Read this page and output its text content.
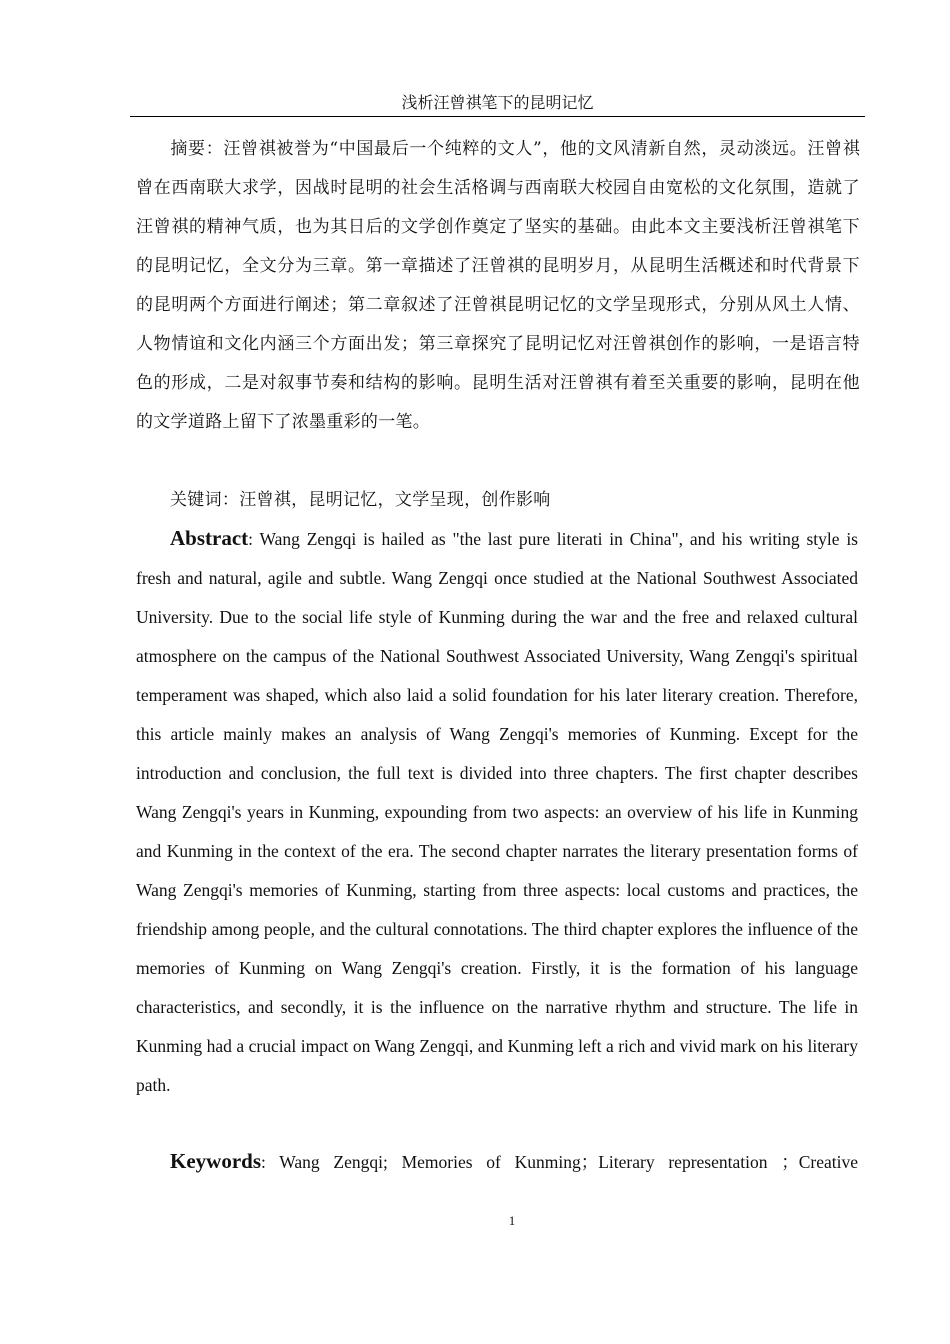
浅析汪曾祺笔下的昆明记忆
摘要：汪曾祺被誉为“中国最后一个纯粹的文人”，他的文风清新自然，灵动淡远。汪曾祺曾在西南联大求学，因战时昆明的社会生活格调与西南联大校园自由宽松的文化氛围，造就了汪曾祺的精神气质，也为其日后的文学创作奠定了坚实的基础。由此本文主要浅析汪曾祺笔下的昆明记忆，全文分为三章。第一章描述了汪曾祺的昆明岁月，从昆明生活概述和时代背景下的昆明两个方面进行阐述；第二章叙述了汪曾祺昆明记忆的文学呈现形式，分别从风土人情、人物情谊和文化内涵三个方面出发；第三章探究了昆明记忆对汪曾祺创作的影响，一是语言特色的形成，二是对叙事节奏和结构的影响。昆明生活对汪曾祺有着至关重要的影响，昆明在他的文学道路上留下了浓墨重彩的一笔。
关键词：汪曾祺，昆明记忆，文学呈现，创作影响
Abstract: Wang Zengqi is hailed as "the last pure literati in China", and his writing style is fresh and natural, agile and subtle. Wang Zengqi once studied at the National Southwest Associated University. Due to the social life style of Kunming during the war and the free and relaxed cultural atmosphere on the campus of the National Southwest Associated University, Wang Zengqi's spiritual temperament was shaped, which also laid a solid foundation for his later literary creation. Therefore, this article mainly makes an analysis of Wang Zengqi's memories of Kunming. Except for the introduction and conclusion, the full text is divided into three chapters. The first chapter describes Wang Zengqi's years in Kunming, expounding from two aspects: an overview of his life in Kunming and Kunming in the context of the era. The second chapter narrates the literary presentation forms of Wang Zengqi's memories of Kunming, starting from three aspects: local customs and practices, the friendship among people, and the cultural connotations. The third chapter explores the influence of the memories of Kunming on Wang Zengqi's creation. Firstly, it is the formation of his language characteristics, and secondly, it is the influence on the narrative rhythm and structure. The life in Kunming had a crucial impact on Wang Zengqi, and Kunming left a rich and vivid mark on his literary path.
Keywords: Wang Zengqi; Memories of Kunming；Literary representation ；Creative
1
